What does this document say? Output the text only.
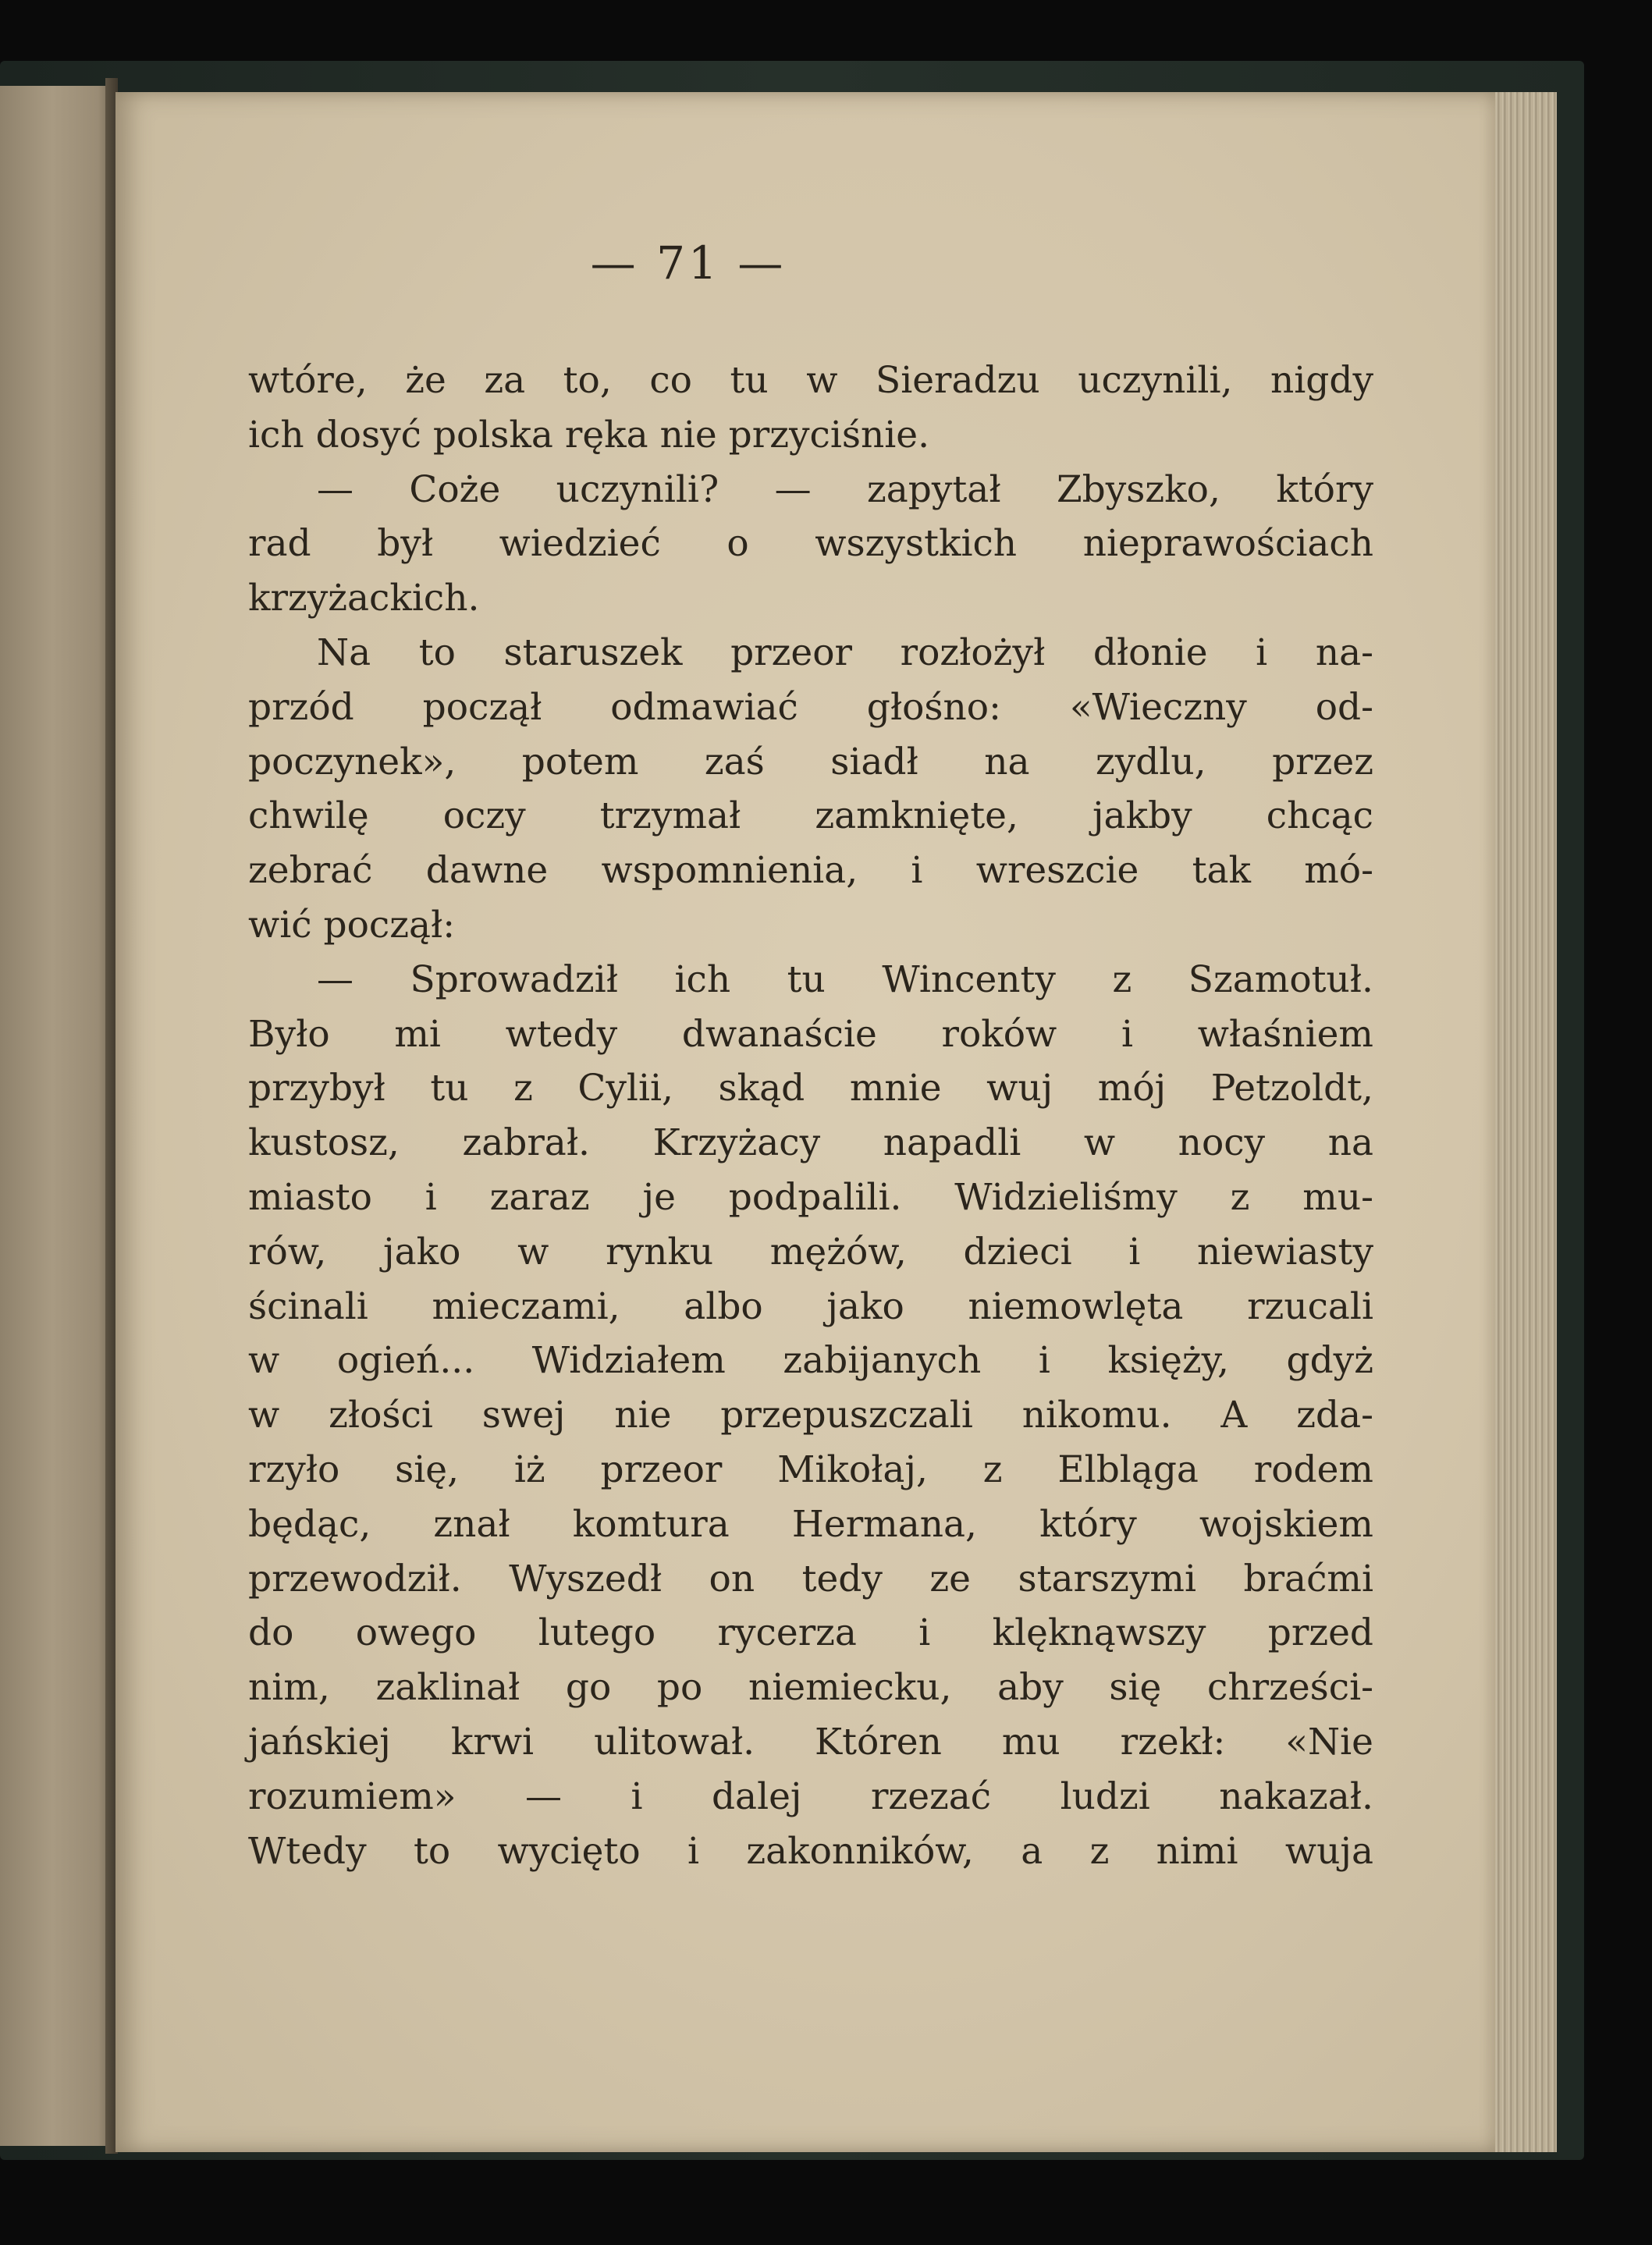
— 71 —
wtóre, że za to, co tu w Sieradzu uczynili, nigdy
ich dosyć polska ręka nie przyciśnie.
— Coże uczynili? — zapytał Zbyszko, który
rad był wiedzieć o wszystkich nieprawościach
krzyżackich.
Na to staruszek przeor rozłożył dłonie i na-
przód począł odmawiać głośno: «Wieczny od-
poczynek», potem zaś siadł na zydlu, przez
chwilę oczy trzymał zamknięte, jakby chcąc
zebrać dawne wspomnienia, i wreszcie tak mó-
wić począł:
— Sprowadził ich tu Wincenty z Szamotuł.
Było mi wtedy dwanaście roków i właśniem
przybył tu z Cylii, skąd mnie wuj mój Petzoldt,
kustosz, zabrał. Krzyżacy napadli w nocy na
miasto i zaraz je podpalili. Widzieliśmy z mu-
rów, jako w rynku mężów, dzieci i niewiasty
ścinali mieczami, albo jako niemowlęta rzucali
w ogień... Widziałem zabijanych i księży, gdyż
w złości swej nie przepuszczali nikomu. A zda-
rzyło się, iż przeor Mikołaj, z Elbląga rodem
będąc, znał komtura Hermana, który wojskiem
przewodził. Wyszedł on tedy ze starszymi braćmi
do owego lutego rycerza i klęknąwszy przed
nim, zaklinał go po niemiecku, aby się chrześci-
jańskiej krwi ulitował. Któren mu rzekł: «Nie
rozumiem» — i dalej rzezać ludzi nakazał.
Wtedy to wycięto i zakonników, a z nimi wuja
